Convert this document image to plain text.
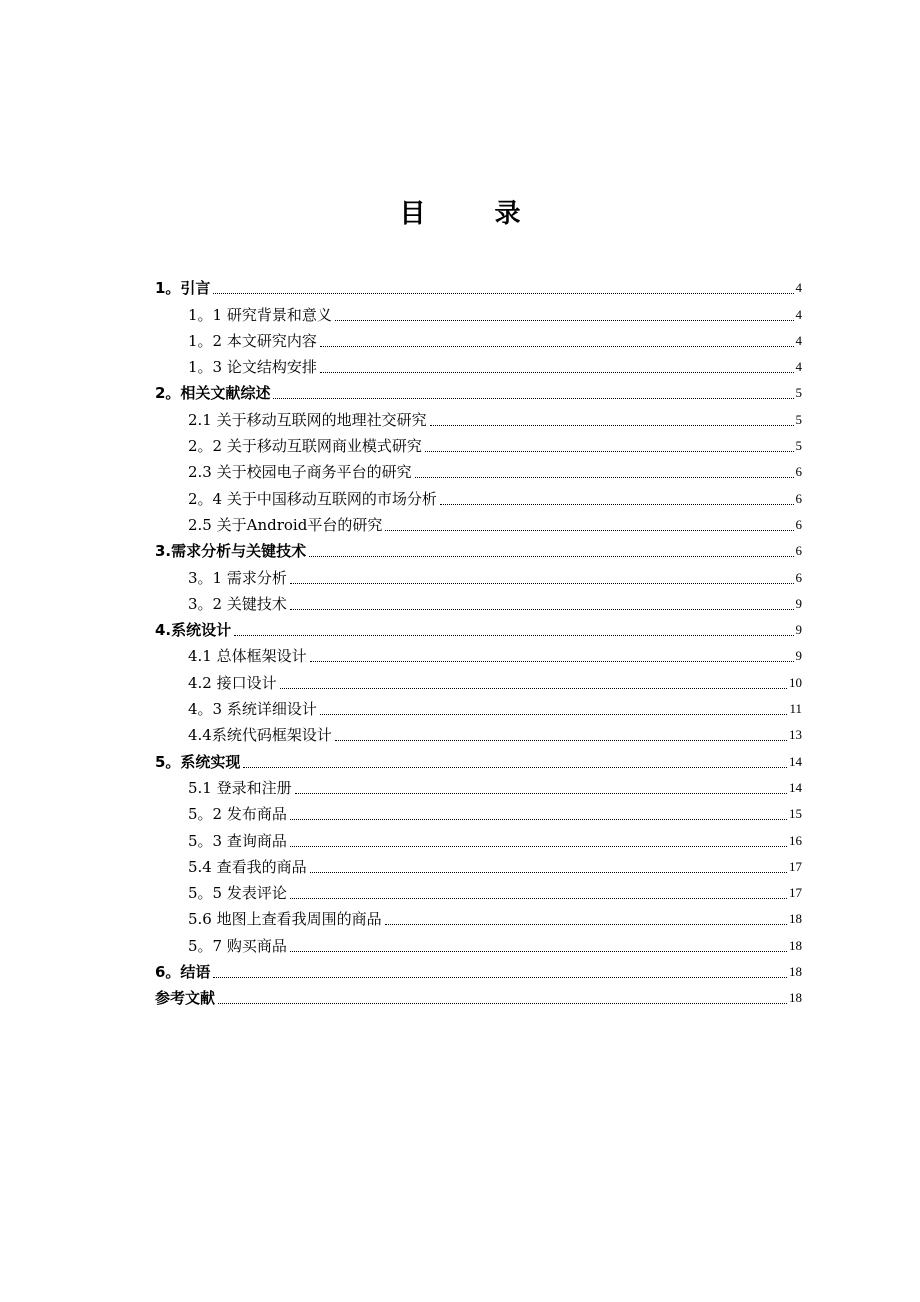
目 录
1。引言	4
1。1 研究背景和意义	4
1。2 本文研究内容	4
1。3 论文结构安排	4
2。相关文献综述	5
2.1 关于移动互联网的地理社交研究	5
2。2 关于移动互联网商业模式研究	5
2.3 关于校园电子商务平台的研究	6
2。4 关于中国移动互联网的市场分析	6
2.5 关于Android平台的研究	6
3.需求分析与关键技术	6
3。1 需求分析	6
3。2 关键技术	9
4.系统设计	9
4.1 总体框架设计	9
4.2 接口设计	10
4。3 系统详细设计	11
4.4系统代码框架设计	13
5。系统实现	14
5.1 登录和注册	14
5。2 发布商品	15
5。3 查询商品	16
5.4 查看我的商品	17
5。5 发表评论	17
5.6 地图上查看我周围的商品	18
5。7 购买商品	18
6。结语	18
参考文献	18
